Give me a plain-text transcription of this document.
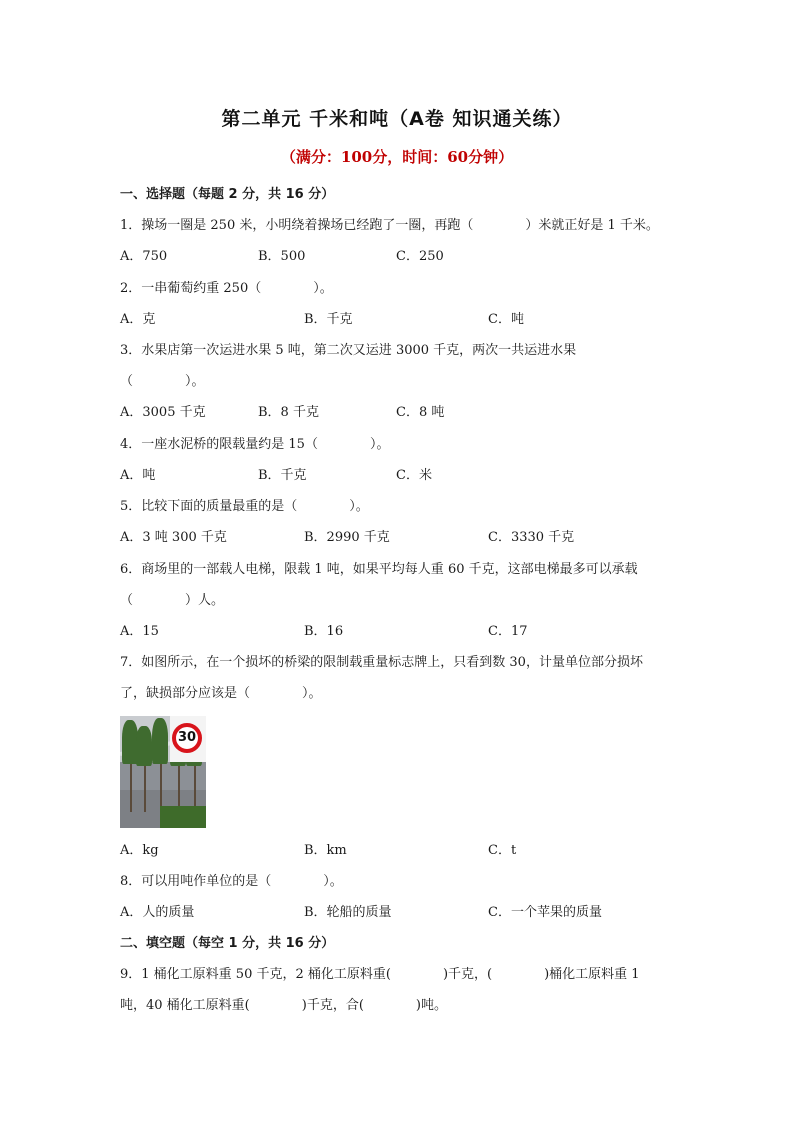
第二单元 千米和吨（A卷 知识通关练）
（满分：100分，时间：60分钟）
一、选择题（每题 2 分，共 16 分）
1．操场一圈是 250 米，小明绕着操场已经跑了一圈，再跑（　　　　）米就正好是 1 千米。
A．750	B．500	C．250
2．一串葡萄约重 250（　　　　）。
A．克	B．千克	C．吨
3．水果店第一次运进水果 5 吨，第二次又运进 3000 千克，两次一共运进水果
（　　　　）。
A．3005 千克	B．8 千克	C．8 吨
4．一座水泥桥的限载量约是 15（　　　　）。
A．吨	B．千克	C．米
5．比较下面的质量最重的是（　　　　）。
A．3 吨 300 千克	B．2990 千克	C．3330 千克
6．商场里的一部载人电梯，限载 1 吨，如果平均每人重 60 千克，这部电梯最多可以承载
（　　　　）人。
A．15	B．16	C．17
7．如图所示，在一个损坏的桥梁的限制载重量标志牌上，只看到数 30，计量单位部分损坏
了，缺损部分应该是（　　　　）。
30
A．kg	B．km	C．t
8．可以用吨作单位的是（　　　　）。
A．人的质量	B．轮船的质量	C．一个苹果的质量
二、填空题（每空 1 分，共 16 分）
9．1 桶化工原料重 50 千克，2 桶化工原料重(　　　　)千克，(　　　　)桶化工原料重 1
吨，40 桶化工原料重(　　　　)千克，合(　　　　)吨。
